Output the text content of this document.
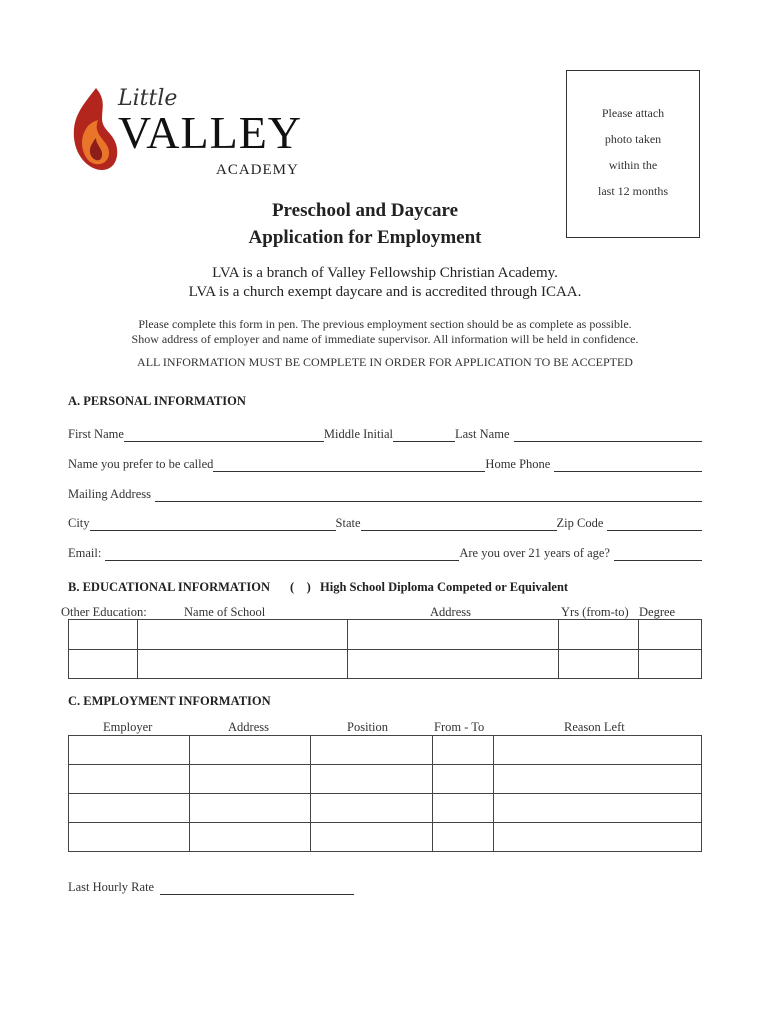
Little
VALLEY
ACADEMY
Please attach
photo taken
within the
last 12 months
Preschool and Daycare
Application for Employment
LVA is a branch of Valley Fellowship Christian Academy.
LVA is a church exempt daycare and is accredited through ICAA.
Please complete this form in pen. The previous employment section should be as complete as possible.
Show address of employer and name of immediate supervisor. All information will be held in confidence.
ALL INFORMATION MUST BE COMPLETE IN ORDER FOR APPLICATION TO BE ACCEPTED
A. PERSONAL INFORMATION
First Name	Middle Initial	Last Name
Name you prefer to be called	Home Phone
Mailing Address
City	State	Zip Code
Email:	Are you over 21 years of age?
B. EDUCATIONAL INFORMATION (    ) High School Diploma Competed or Equivalent
Other Education:	Name of School	Address	Yrs (from-to) Degree

C. EMPLOYMENT INFORMATION
Employer	Address	Position	From - To	Reason Left

Last Hourly Rate
